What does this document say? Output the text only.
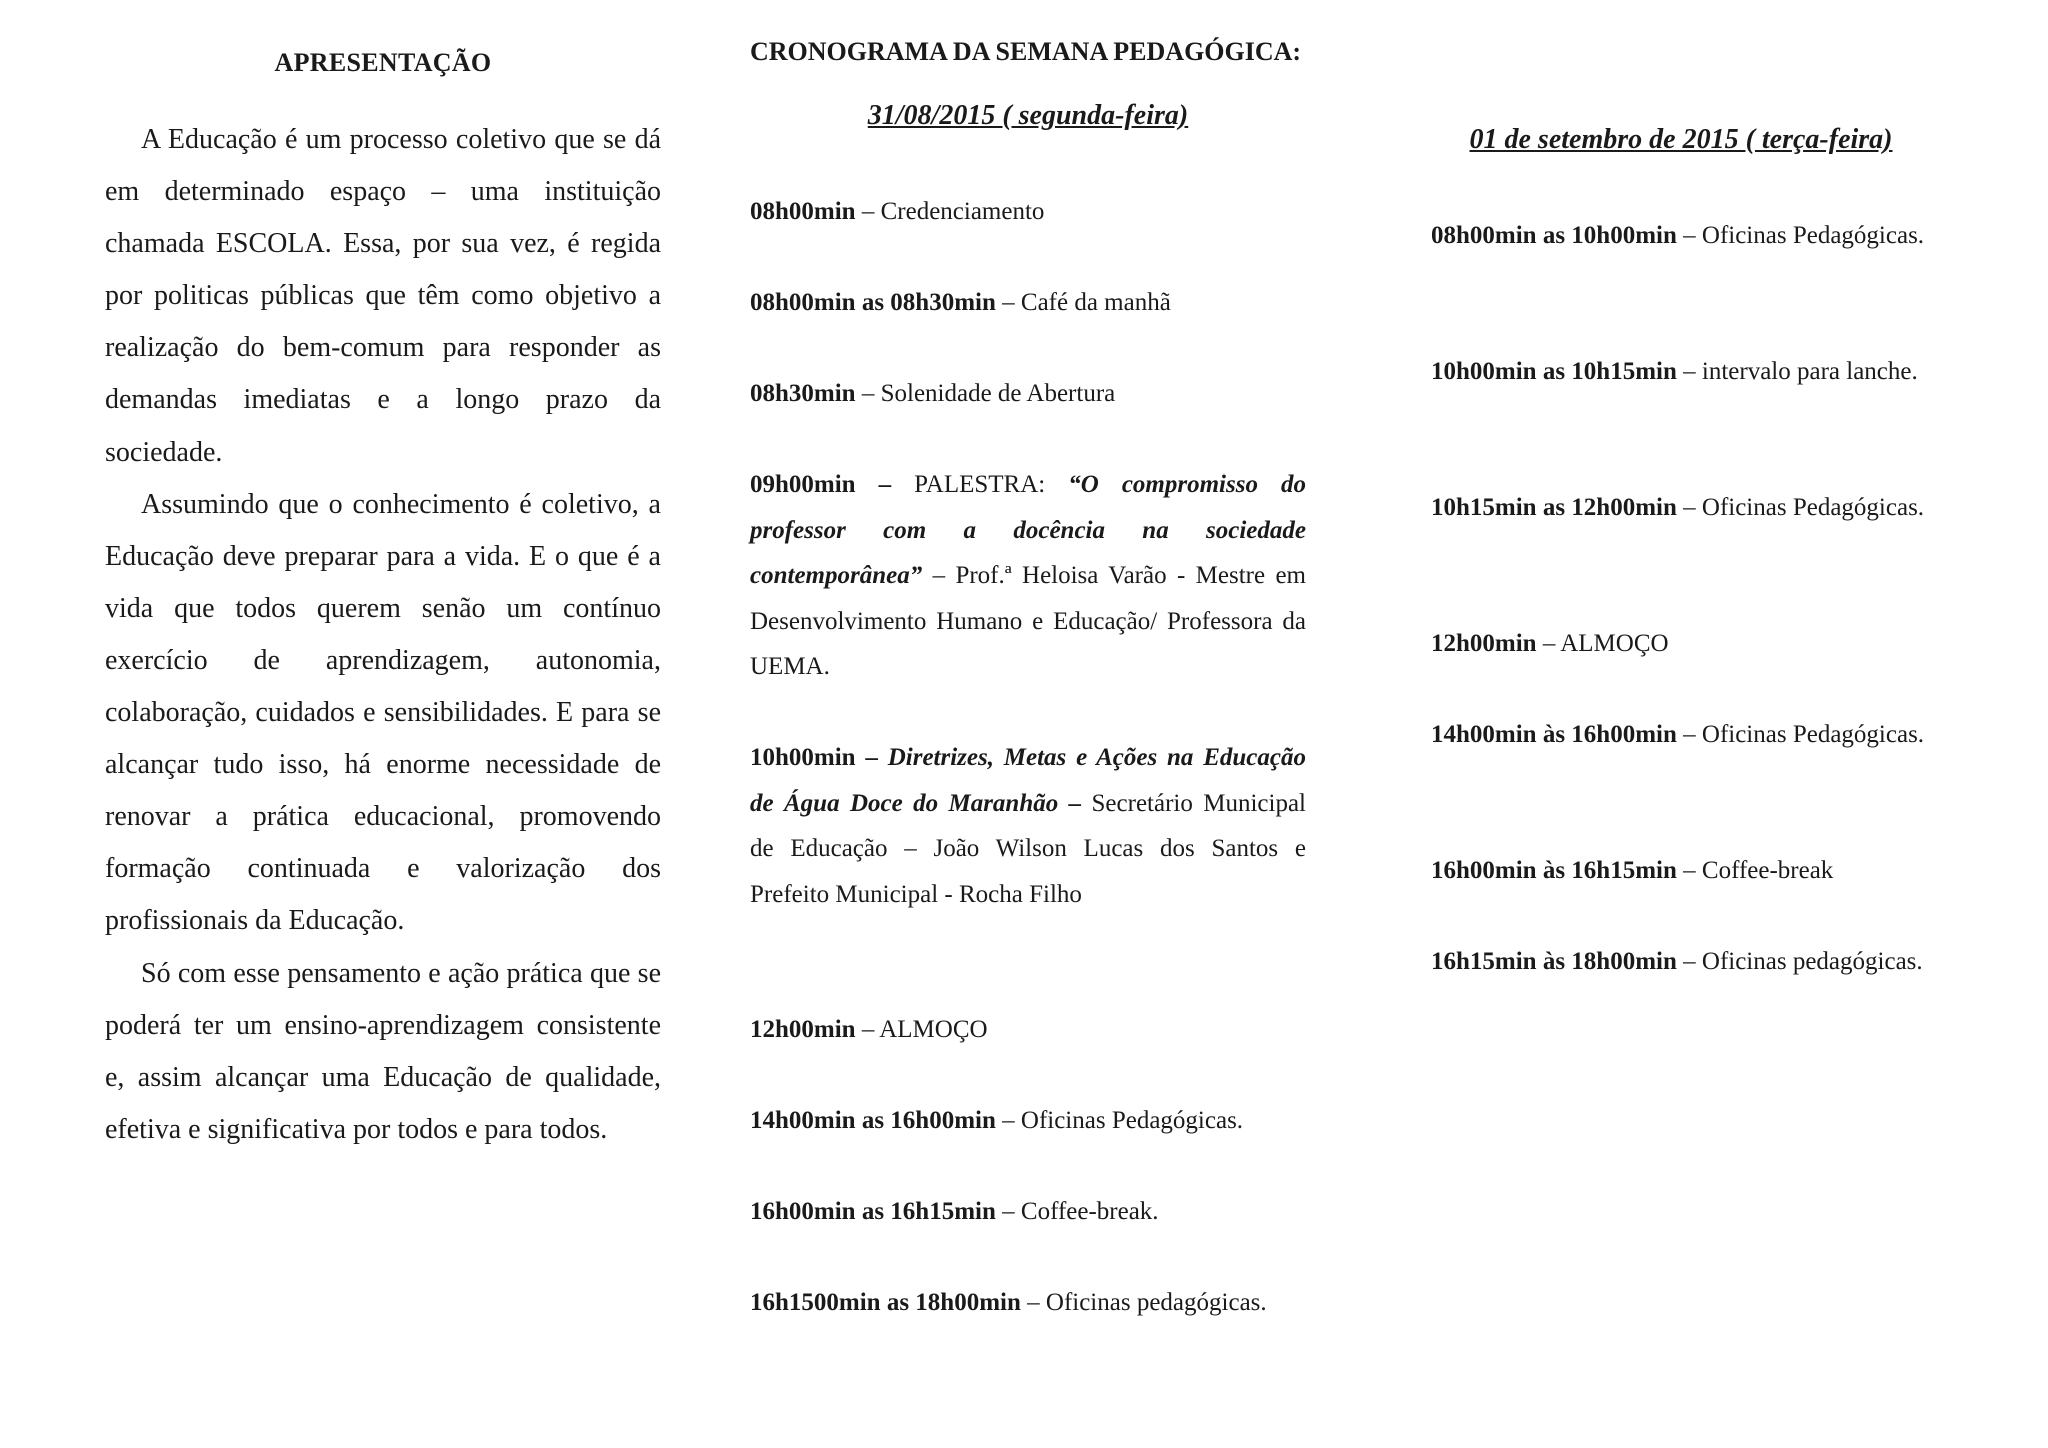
APRESENTAÇÃO

A Educação é um processo coletivo que se dá em determinado espaço – uma instituição chamada ESCOLA. Essa, por sua vez, é regida por politicas públicas que têm como objetivo a realização do bem-comum para responder as demandas imediatas e a longo prazo da sociedade.

Assumindo que o conhecimento é coletivo, a Educação deve preparar para a vida. E o que é a vida que todos querem senão um contínuo exercício de aprendizagem, autonomia, colaboração, cuidados e sensibilidades. E para se alcançar tudo isso, há enorme necessidade de renovar a prática educacional, promovendo formação continuada e valorização dos profissionais da Educação.

Só com esse pensamento e ação prática que se poderá ter um ensino-aprendizagem consistente e, assim alcançar uma Educação de qualidade, efetiva e significativa por todos e para todos.

CRONOGRAMA DA SEMANA PEDAGÓGICA:
31/08/2015 ( segunda-feira)

08h00min – Credenciamento

08h00min as 08h30min – Café da manhã

08h30min – Solenidade de Abertura

09h00min – PALESTRA: “O compromisso do professor com a docência na sociedade contemporânea” – Prof.ª Heloisa Varão - Mestre em Desenvolvimento Humano e Educação/ Professora da UEMA.

10h00min – Diretrizes, Metas e Ações na Educação de Água Doce do Maranhão – Secretário Municipal de Educação – João Wilson Lucas dos Santos e Prefeito Municipal - Rocha Filho

12h00min – ALMOÇO

14h00min as 16h00min – Oficinas Pedagógicas.

16h00min as 16h15min – Coffee-break.

16h1500min as 18h00min – Oficinas pedagógicas.

01 de setembro de 2015 ( terça-feira)

08h00min as 10h00min – Oficinas Pedagógicas.

10h00min as 10h15min – intervalo para lanche.

10h15min as 12h00min – Oficinas Pedagógicas.

12h00min – ALMOÇO

14h00min às 16h00min – Oficinas Pedagógicas.

16h00min às 16h15min – Coffee-break

16h15min às 18h00min – Oficinas pedagógicas.
